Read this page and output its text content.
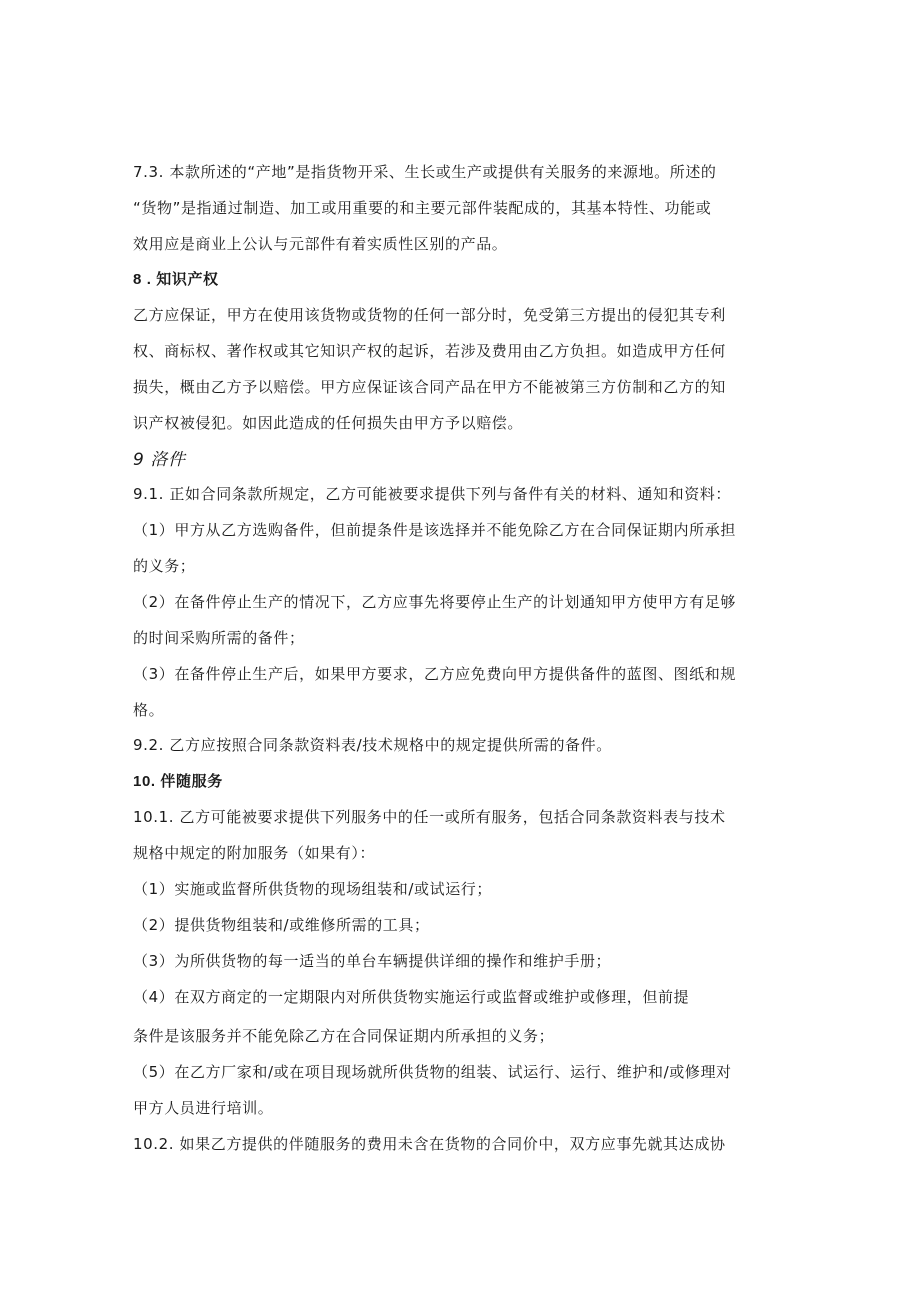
7.3. 本款所述的“产地”是指货物开采、生长或生产或提供有关服务的来源地。所述的
“货物”是指通过制造、加工或用重要的和主要元部件装配成的，其基本特性、功能或
效用应是商业上公认与元部件有着实质性区别的产品。
8 . 知识产权
乙方应保证，甲方在使用该货物或货物的任何一部分时，免受第三方提出的侵犯其专利
权、商标权、著作权或其它知识产权的起诉，若涉及费用由乙方负担。如造成甲方任何
损失，概由乙方予以赔偿。甲方应保证该合同产品在甲方不能被第三方仿制和乙方的知
识产权被侵犯。如因此造成的任何损失由甲方予以赔偿。
9 洛件
9.1. 正如合同条款所规定，乙方可能被要求提供下列与备件有关的材料、通知和资料：
（1）甲方从乙方选购备件，但前提条件是该选择并不能免除乙方在合同保证期内所承担
的义务；
（2）在备件停止生产的情况下，乙方应事先将要停止生产的计划通知甲方使甲方有足够
的时间采购所需的备件；
（3）在备件停止生产后，如果甲方要求，乙方应免费向甲方提供备件的蓝图、图纸和规
格。
9.2. 乙方应按照合同条款资料表/技术规格中的规定提供所需的备件。
10. 伴随服务
10.1. 乙方可能被要求提供下列服务中的任一或所有服务，包括合同条款资料表与技术
规格中规定的附加服务（如果有）：
（1）实施或监督所供货物的现场组装和/或试运行；
（2）提供货物组装和/或维修所需的工具；
（3）为所供货物的每一适当的单台车辆提供详细的操作和维护手册；
（4）在双方商定的一定期限内对所供货物实施运行或监督或维护或修理，但前提
条件是该服务并不能免除乙方在合同保证期内所承担的义务；
（5）在乙方厂家和/或在项目现场就所供货物的组装、试运行、运行、维护和/或修理对
甲方人员进行培训。
10.2. 如果乙方提供的伴随服务的费用未含在货物的合同价中，双方应事先就其达成协
